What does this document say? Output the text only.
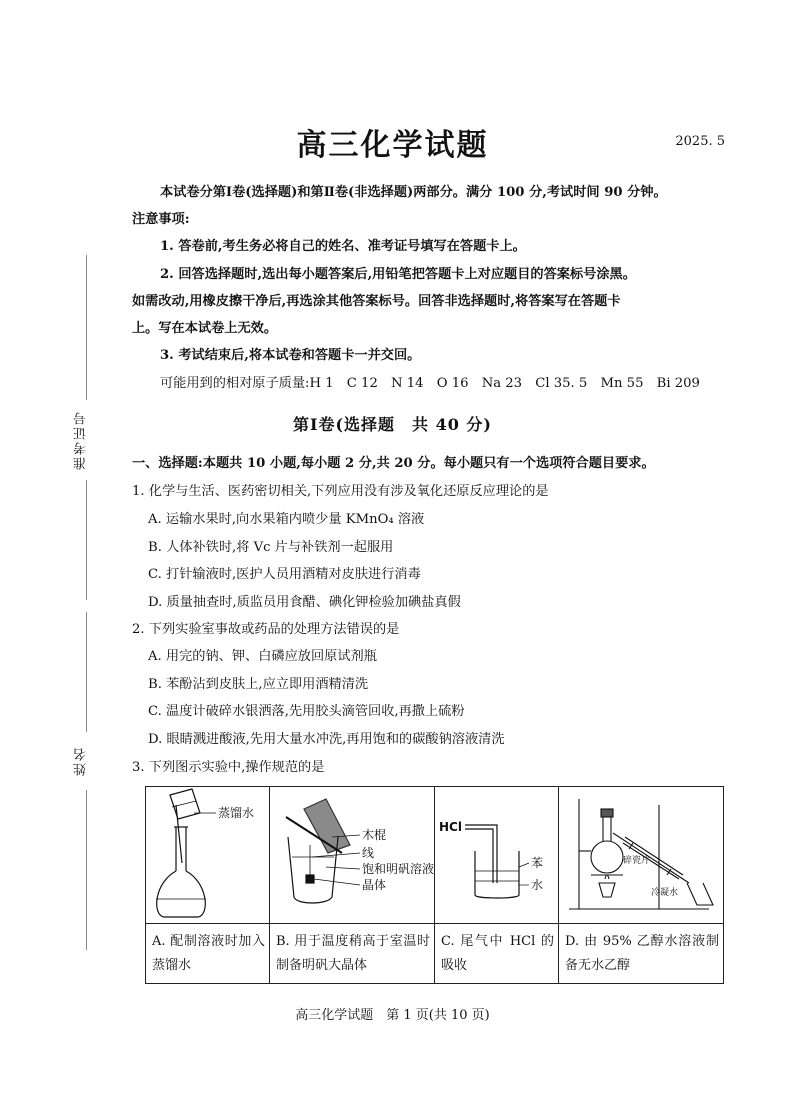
高三化学试题	2025. 5
本试卷分第Ⅰ卷(选择题)和第Ⅱ卷(非选择题)两部分。满分 100 分,考试时间 90 分钟。
注意事项:
1. 答卷前,考生务必将自己的姓名、准考证号填写在答题卡上。
2. 回答选择题时,选出每小题答案后,用铅笔把答题卡上对应题目的答案标号涂黑。
如需改动,用橡皮擦干净后,再选涂其他答案标号。回答非选择题时,将答案写在答题卡
上。写在本试卷上无效。
3. 考试结束后,将本试卷和答题卡一并交回。
可能用到的相对原子质量:H 1　C 12　N 14　O 16　Na 23　Cl 35. 5　Mn 55　Bi 209
准考证号
姓名
第Ⅰ卷(选择题　共 40 分)
一、选择题:本题共 10 小题,每小题 2 分,共 20 分。每小题只有一个选项符合题目要求。
1. 化学与生活、医药密切相关,下列应用没有涉及氧化还原反应理论的是
A. 运输水果时,向水果箱内喷少量 KMnO₄ 溶液
B. 人体补铁时,将 Vc 片与补铁剂一起服用
C. 打针输液时,医护人员用酒精对皮肤进行消毒
D. 质量抽查时,质监员用食醋、碘化钾检验加碘盐真假
2. 下列实验室事故或药品的处理方法错误的是
A. 用完的钠、钾、白磷应放回原试剂瓶
B. 苯酚沾到皮肤上,应立即用酒精清洗
C. 温度计破碎水银洒落,先用胶头滴管回收,再撒上硫粉
D. 眼睛溅进酸液,先用大量水冲洗,再用饱和的碳酸钠溶液清洗
3. 下列图示实验中,操作规范的是
蒸馏水	木棍
线
饱和明矾溶液
晶体	HCl
苯
水	碎瓷片
冷凝水

A. 配制溶液时加入蒸馏水	B. 用于温度稍高于室温时制备明矾大晶体	C. 尾气中 HCl 的吸收	D. 由 95% 乙醇水溶液制备无水乙醇
高三化学试题　第 1 页(共 10 页)
